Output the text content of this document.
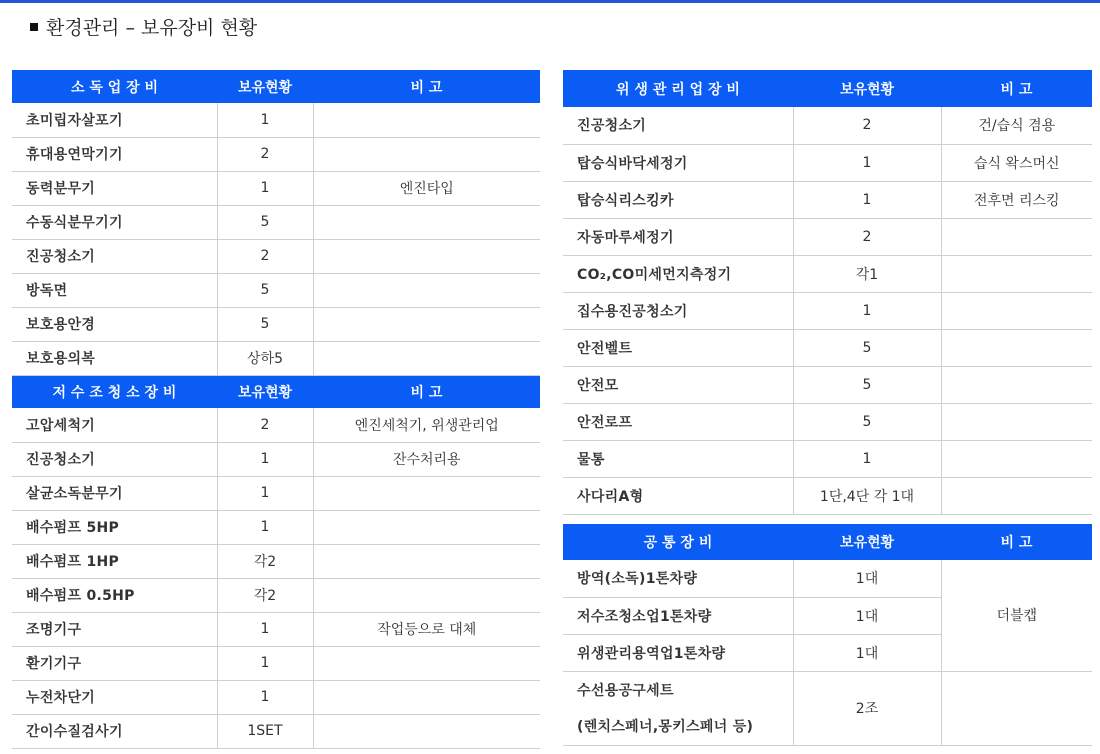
환경관리 – 보유장비 현황
소 독 업 장 비	보유현황	비 고
초미립자살포기	1	
휴대용연막기기	2	
동력분무기	1	엔진타입
수동식분무기기	5	
진공청소기	2	
방독면	5	
보호용안경	5	
보호용의복	상하5	
저 수 조 청 소 장 비	보유현황	비 고
고압세척기	2	엔진세척기, 위생관리업
진공청소기	1	잔수처리용
살균소독분무기	1	
배수펌프 5HP	1	
배수펌프 1HP	각2	
배수펌프 0.5HP	각2	
조명기구	1	작업등으로 대체
환기기구	1	
누전차단기	1	
간이수질검사기	1SET	
위 생 관 리 업 장 비	보유현황	비 고
진공청소기	2	건/습식 겸용
탑승식바닥세정기	1	습식 왁스머신
탑승식리스킹카	1	전후면 리스킹
자동마루세정기	2	
CO₂,CO미세먼지측정기	각1	
집수용진공청소기	1	
안전벨트	5	
안전모	5	
안전로프	5	
물통	1	
사다리A형	1단,4단 각 1대	
공 통 장 비	보유현황	비 고
방역(소독)1톤차량	1대	더블캡
저수조청소업1톤차량	1대	
위생관리용역업1톤차량	1대	
수선용공구세트	2조	
(렌치스페너,몽키스페너 등)		
